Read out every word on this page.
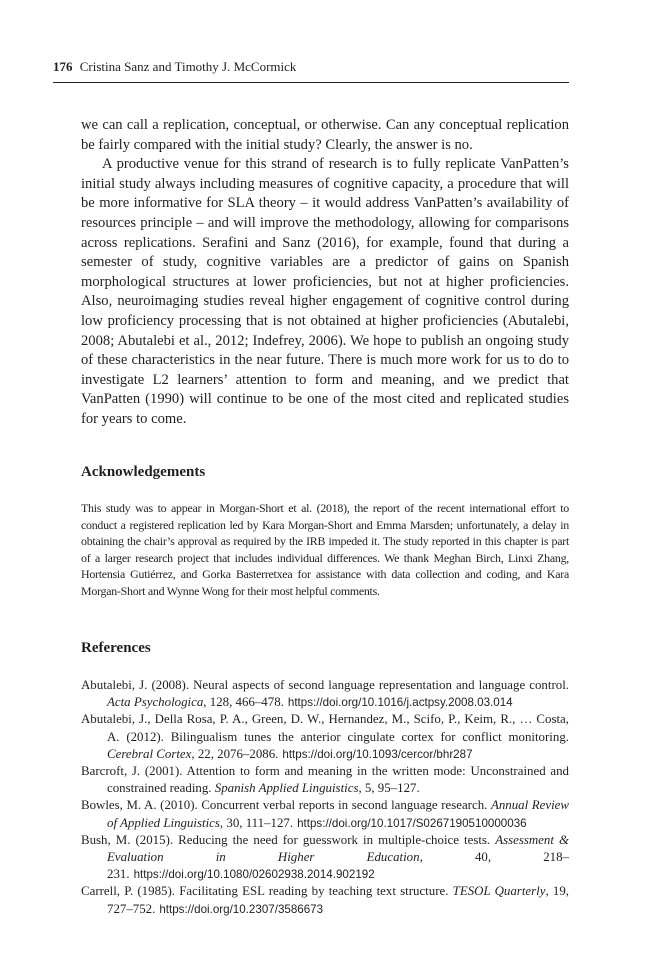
176 Cristina Sanz and Timothy J. McCormick

we can call a replication, conceptual, or otherwise. Can any conceptual replication be fairly compared with the initial study? Clearly, the answer is no.

A productive venue for this strand of research is to fully replicate VanPatten’s initial study always including measures of cognitive capacity, a procedure that will be more informative for SLA theory – it would address VanPatten’s availability of resources principle – and will improve the methodology, allowing for comparisons across replications. Serafini and Sanz (2016), for example, found that during a semester of study, cognitive variables are a predictor of gains on Spanish morphological structures at lower proficiencies, but not at higher proficiencies. Also, neuroimaging studies reveal higher engagement of cognitive control during low proficiency processing that is not obtained at higher proficiencies (Abutalebi, 2008; Abutalebi et al., 2012; Indefrey, 2006). We hope to publish an ongoing study of these characteristics in the near future. There is much more work for us to do to investigate L2 learners’ attention to form and meaning, and we predict that VanPatten (1990) will continue to be one of the most cited and replicated studies for years to come.

Acknowledgements
This study was to appear in Morgan-Short et al. (2018), the report of the recent international effort to conduct a registered replication led by Kara Morgan-Short and Emma Marsden; unfortunately, a delay in obtaining the chair’s approval as required by the IRB impeded it. The study reported in this chapter is part of a larger research project that includes individual differences. We thank Meghan Birch, Linxi Zhang, Hortensia Gutiérrez, and Gorka Basterretxea for assistance with data collection and coding, and Kara Morgan-Short and Wynne Wong for their most helpful comments.
References
Abutalebi, J. (2008). Neural aspects of second language representation and language control. Acta Psychologica, 128, 466–478. https://doi.org/10.1016/j.actpsy.2008.03.014
Abutalebi, J., Della Rosa, P. A., Green, D. W., Hernandez, M., Scifo, P., Keim, R., … Costa, A. (2012). Bilingualism tunes the anterior cingulate cortex for conflict monitoring. Cerebral Cortex, 22, 2076–2086. https://doi.org/10.1093/cercor/bhr287
Barcroft, J. (2001). Attention to form and meaning in the written mode: Unconstrained and constrained reading. Spanish Applied Linguistics, 5, 95–127.
Bowles, M. A. (2010). Concurrent verbal reports in second language research. Annual Review of Applied Linguistics, 30, 111–127. https://doi.org/10.1017/S0267190510000036
Bush, M. (2015). Reducing the need for guesswork in multiple-choice tests. Assessment & Evaluation in Higher Education, 40, 218–231. https://doi.org/10.1080/02602938.2014.902192
Carrell, P. (1985). Facilitating ESL reading by teaching text structure. TESOL Quarterly, 19, 727–752. https://doi.org/10.2307/3586673
